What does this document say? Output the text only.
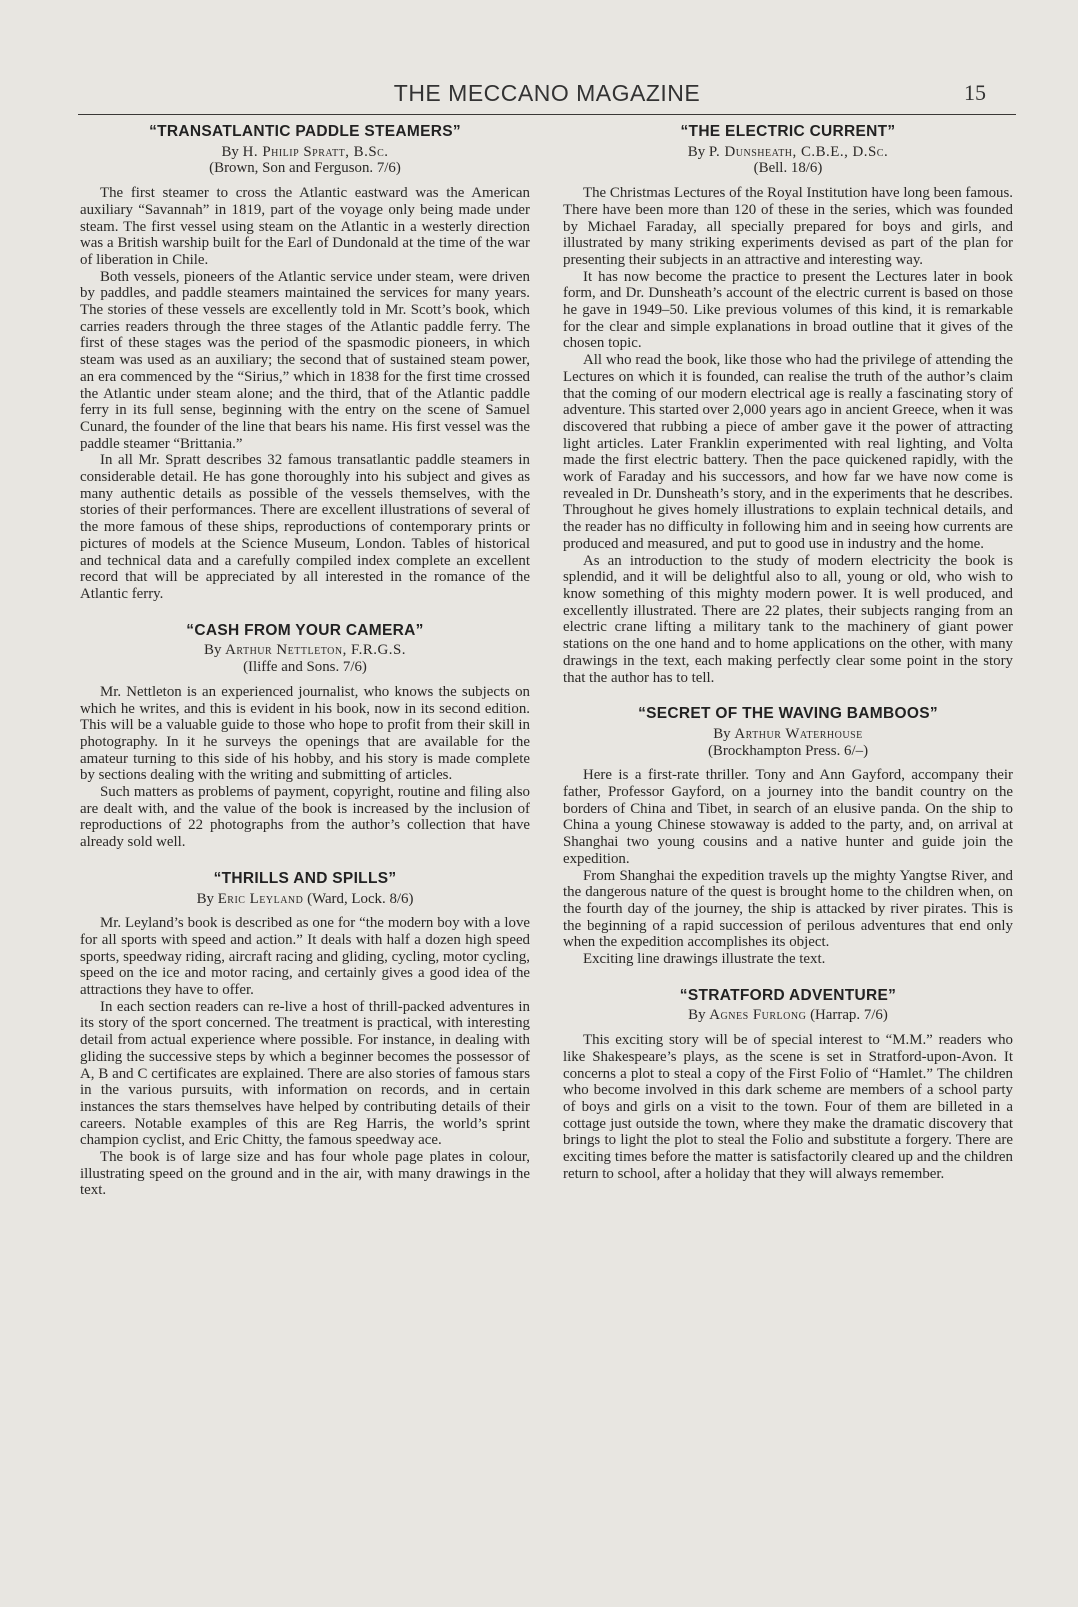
THE MECCANO MAGAZINE	15
“TRANSATLANTIC PADDLE STEAMERS”
By H. Philip Spratt, B.Sc.
(Brown, Son and Ferguson. 7/6)

The first steamer to cross the Atlantic eastward was the American auxiliary “Savannah” in 1819, part of the voyage only being made under steam. The first vessel using steam on the Atlantic in a westerly direction was a British warship built for the Earl of Dundonald at the time of the war of liberation in Chile.

Both vessels, pioneers of the Atlantic service under steam, were driven by paddles, and paddle steamers maintained the services for many years. The stories of these vessels are excellently told in Mr. Scott’s book, which carries readers through the three stages of the Atlantic paddle ferry. The first of these stages was the period of the spasmodic pioneers, in which steam was used as an auxiliary; the second that of sustained steam power, an era commenced by the “Sirius,” which in 1838 for the first time crossed the Atlantic under steam alone; and the third, that of the Atlantic paddle ferry in its full sense, beginning with the entry on the scene of Samuel Cunard, the founder of the line that bears his name. His first vessel was the paddle steamer “Brittania.”

In all Mr. Spratt describes 32 famous transatlantic paddle steamers in considerable detail. He has gone thoroughly into his subject and gives as many authentic details as possible of the vessels themselves, with the stories of their performances. There are excellent illustrations of several of the more famous of these ships, reproductions of contemporary prints or pictures of models at the Science Museum, London. Tables of historical and technical data and a carefully compiled index complete an excellent record that will be appreciated by all interested in the romance of the Atlantic ferry.

“CASH FROM YOUR CAMERA”
By Arthur Nettleton, F.R.G.S.
(Iliffe and Sons. 7/6)

Mr. Nettleton is an experienced journalist, who knows the subjects on which he writes, and this is evident in his book, now in its second edition. This will be a valuable guide to those who hope to profit from their skill in photography. In it he surveys the openings that are available for the amateur turning to this side of his hobby, and his story is made complete by sections dealing with the writing and submitting of articles.

Such matters as problems of payment, copyright, routine and filing also are dealt with, and the value of the book is increased by the inclusion of reproductions of 22 photographs from the author’s collection that have already sold well.

“THRILLS AND SPILLS”
By Eric Leyland (Ward, Lock. 8/6)

Mr. Leyland’s book is described as one for “the modern boy with a love for all sports with speed and action.” It deals with half a dozen high speed sports, speedway riding, aircraft racing and gliding, cycling, motor cycling, speed on the ice and motor racing, and certainly gives a good idea of the attractions they have to offer.

In each section readers can re-live a host of thrill-packed adventures in its story of the sport concerned. The treatment is practical, with interesting detail from actual experience where possible. For instance, in dealing with gliding the successive steps by which a beginner becomes the possessor of A, B and C certificates are explained. There are also stories of famous stars in the various pursuits, with information on records, and in certain instances the stars themselves have helped by contributing details of their careers. Notable examples of this are Reg Harris, the world’s sprint champion cyclist, and Eric Chitty, the famous speedway ace.

The book is of large size and has four whole page plates in colour, illustrating speed on the ground and in the air, with many drawings in the text.

“THE ELECTRIC CURRENT”
By P. Dunsheath, C.B.E., D.Sc.
(Bell. 18/6)

The Christmas Lectures of the Royal Institution have long been famous. There have been more than 120 of these in the series, which was founded by Michael Faraday, all specially prepared for boys and girls, and illustrated by many striking experiments devised as part of the plan for presenting their subjects in an attractive and interesting way.

It has now become the practice to present the Lectures later in book form, and Dr. Dunsheath’s account of the electric current is based on those he gave in 1949–50. Like previous volumes of this kind, it is remarkable for the clear and simple explanations in broad outline that it gives of the chosen topic.

All who read the book, like those who had the privilege of attending the Lectures on which it is founded, can realise the truth of the author’s claim that the coming of our modern electrical age is really a fascinating story of adventure. This started over 2,000 years ago in ancient Greece, when it was discovered that rubbing a piece of amber gave it the power of attracting light articles. Later Franklin experimented with real lighting, and Volta made the first electric battery. Then the pace quickened rapidly, with the work of Faraday and his successors, and how far we have now come is revealed in Dr. Dunsheath’s story, and in the experiments that he describes. Throughout he gives homely illustrations to explain technical details, and the reader has no difficulty in following him and in seeing how currents are produced and measured, and put to good use in industry and the home.

As an introduction to the study of modern electricity the book is splendid, and it will be delightful also to all, young or old, who wish to know something of this mighty modern power. It is well produced, and excellently illustrated. There are 22 plates, their subjects ranging from an electric crane lifting a military tank to the machinery of giant power stations on the one hand and to home applications on the other, with many drawings in the text, each making perfectly clear some point in the story that the author has to tell.

“SECRET OF THE WAVING BAMBOOS”
By Arthur Waterhouse
(Brockhampton Press. 6/–)

Here is a first-rate thriller. Tony and Ann Gayford, accompany their father, Professor Gayford, on a journey into the bandit country on the borders of China and Tibet, in search of an elusive panda. On the ship to China a young Chinese stowaway is added to the party, and, on arrival at Shanghai two young cousins and a native hunter and guide join the expedition.

From Shanghai the expedition travels up the mighty Yangtse River, and the dangerous nature of the quest is brought home to the children when, on the fourth day of the journey, the ship is attacked by river pirates. This is the beginning of a rapid succession of perilous adventures that end only when the expedition accomplishes its object.

Exciting line drawings illustrate the text.

“STRATFORD ADVENTURE”
By Agnes Furlong (Harrap. 7/6)

This exciting story will be of special interest to “M.M.” readers who like Shakespeare’s plays, as the scene is set in Stratford-upon-Avon. It concerns a plot to steal a copy of the First Folio of “Hamlet.” The children who become involved in this dark scheme are members of a school party of boys and girls on a visit to the town. Four of them are billeted in a cottage just outside the town, where they make the dramatic discovery that brings to light the plot to steal the Folio and substitute a forgery. There are exciting times before the matter is satisfactorily cleared up and the children return to school, after a holiday that they will always remember.
